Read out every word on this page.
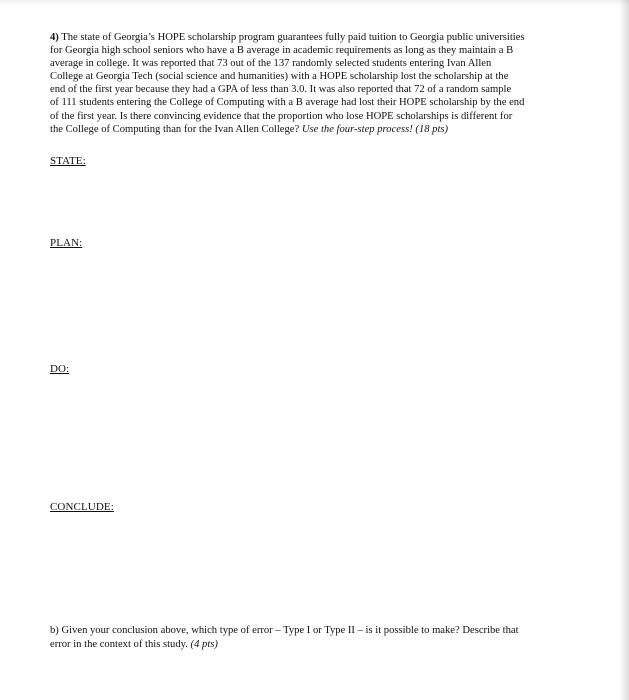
4) The state of Georgia’s HOPE scholarship program guarantees fully paid tuition to Georgia public universities
for Georgia high school seniors who have a B average in academic requirements as long as they maintain a B
average in college. It was reported that 73 out of the 137 randomly selected students entering Ivan Allen
College at Georgia Tech (social science and humanities) with a HOPE scholarship lost the scholarship at the
end of the first year because they had a GPA of less than 3.0. It was also reported that 72 of a random sample
of 111 students entering the College of Computing with a B average had lost their HOPE scholarship by the end
of the first year. Is there convincing evidence that the proportion who lose HOPE scholarships is different for
the College of Computing than for the Ivan Allen College? Use the four-step process! (18 pts)
STATE:
PLAN:
DO:
CONCLUDE:
b) Given your conclusion above, which type of error – Type I or Type II – is it possible to make? Describe that
error in the context of this study. (4 pts)
